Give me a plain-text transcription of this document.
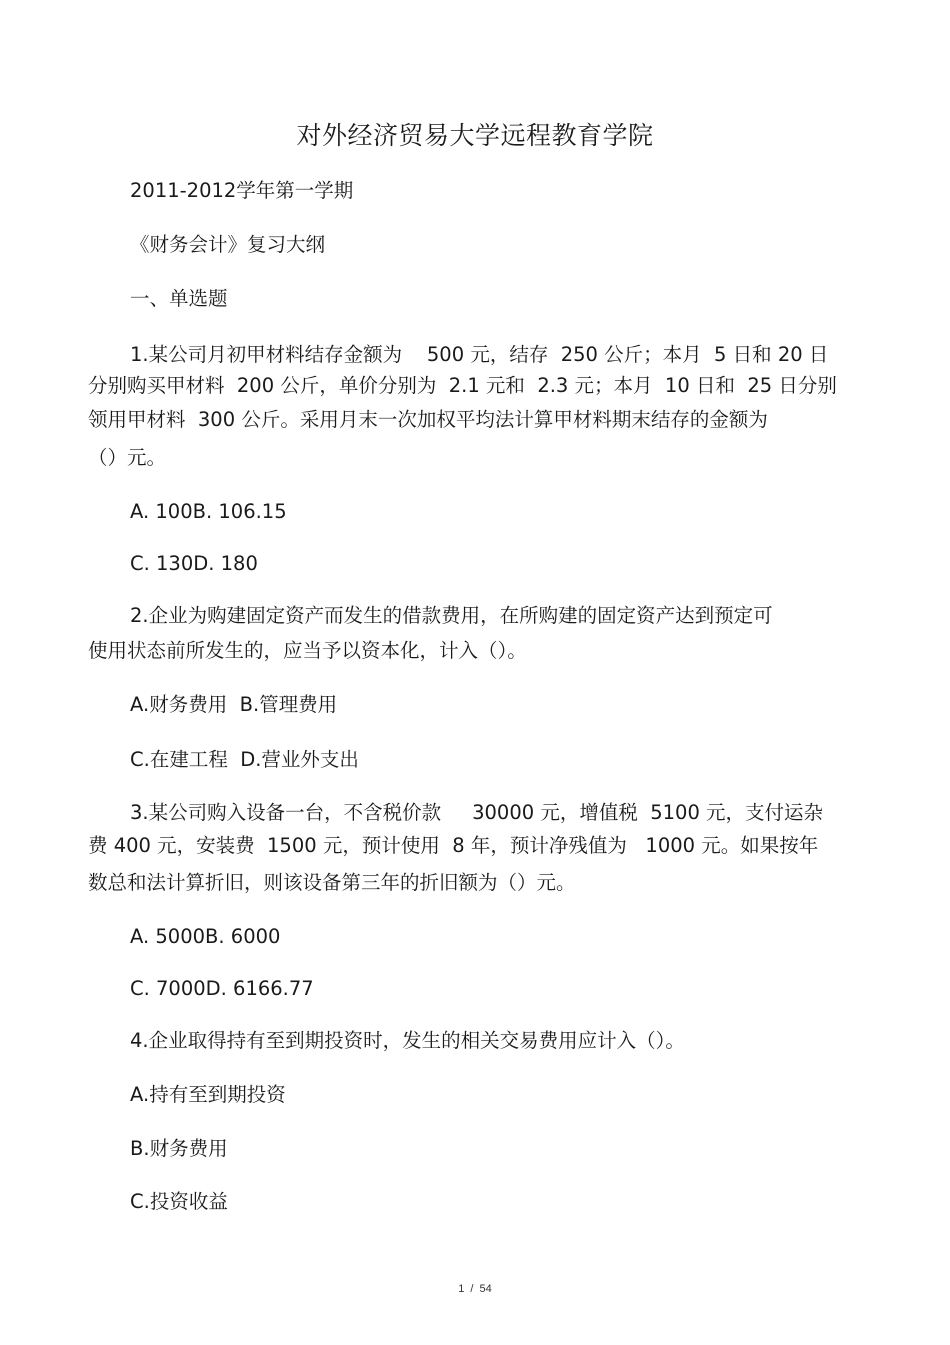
对外经济贸易大学远程教育学院
2011-2012学年第一学期
《财务会计》复习大纲
一、单选题
1.某公司月初甲材料结存金额为    500 元，结存  250 公斤；本月  5 日和 20 日
分别购买甲材料  200 公斤，单价分别为  2.1 元和  2.3 元；本月  10 日和  25 日分别
领用甲材料  300 公斤。采用月末一次加权平均法计算甲材料期末结存的金额为
（）元。
A. 100B. 106.15
C. 130D. 180
2.企业为购建固定资产而发生的借款费用，在所购建的固定资产达到预定可
使用状态前所发生的，应当予以资本化，计入（）。
A.财务费用  B.管理费用
C.在建工程  D.营业外支出
3.某公司购入设备一台，不含税价款     30000 元，增值税  5100 元，支付运杂
费 400 元，安装费  1500 元，预计使用  8 年，预计净残值为   1000 元。如果按年
数总和法计算折旧，则该设备第三年的折旧额为（）元。
A. 5000B. 6000
C. 7000D. 6166.77
4.企业取得持有至到期投资时，发生的相关交易费用应计入（）。
A.持有至到期投资
B.财务费用
C.投资收益
1 / 54
